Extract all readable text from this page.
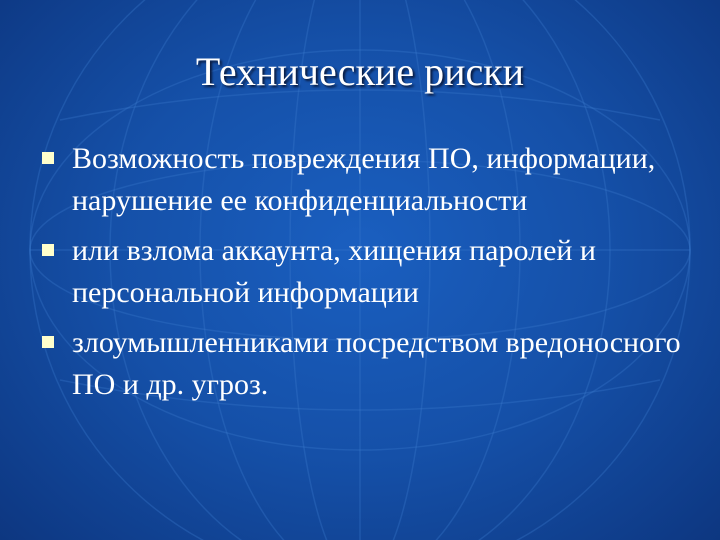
Технические риски
Возможность повреждения ПО, информации, нарушение ее конфиденциальности
или взлома аккаунта, хищения паролей и персональной информации
злоумышленниками посредством вредоносного ПО и др. угроз.
